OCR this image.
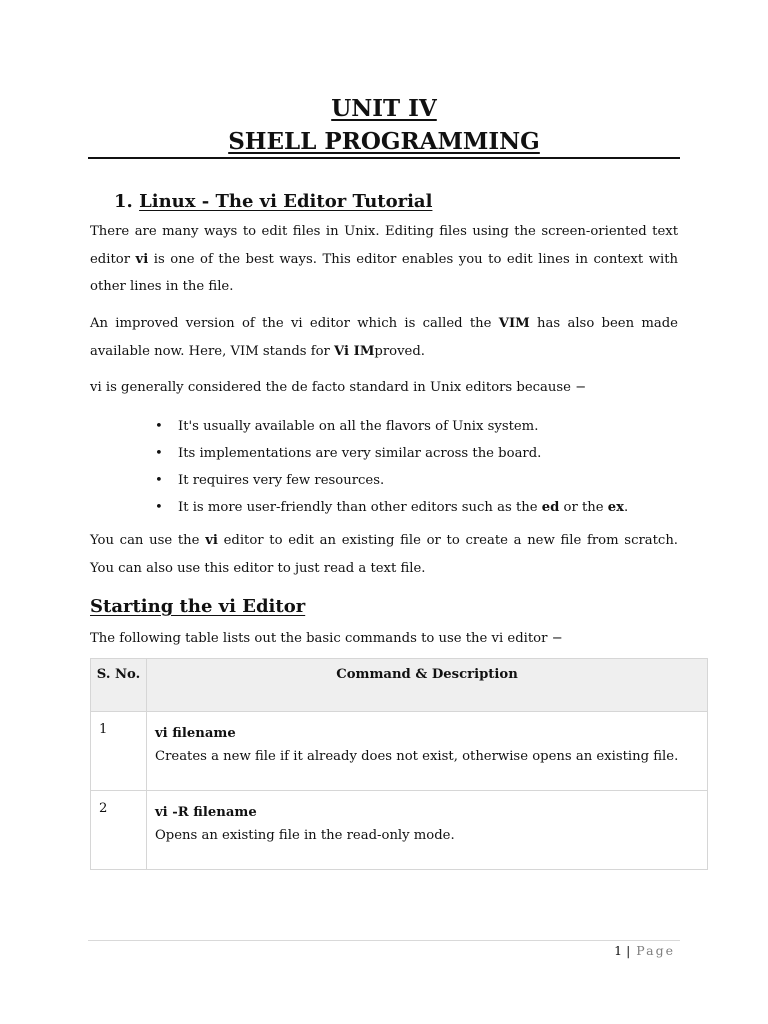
UNIT IV
SHELL PROGRAMMING
1. Linux - The vi Editor Tutorial

There are many ways to edit files in Unix. Editing files using the screen-oriented text editor vi is one of the best ways. This editor enables you to edit lines in context with other lines in the file.

An improved version of the vi editor which is called the VIM has also been made available now. Here, VIM stands for Vi IMproved.

vi is generally considered the de facto standard in Unix editors because −

• It's usually available on all the flavors of Unix system.
• Its implementations are very similar across the board.
• It requires very few resources.
• It is more user-friendly than other editors such as the ed or the ex.

You can use the vi editor to edit an existing file or to create a new file from scratch. You can also use this editor to just read a text file.

Starting the vi Editor

The following table lists out the basic commands to use the vi editor −

S. No.	Command & Description
1	vi filename
Creates a new file if it already does not exist, otherwise opens an existing file.
2	vi -R filename
Opens an existing file in the read-only mode.
1 | Page
